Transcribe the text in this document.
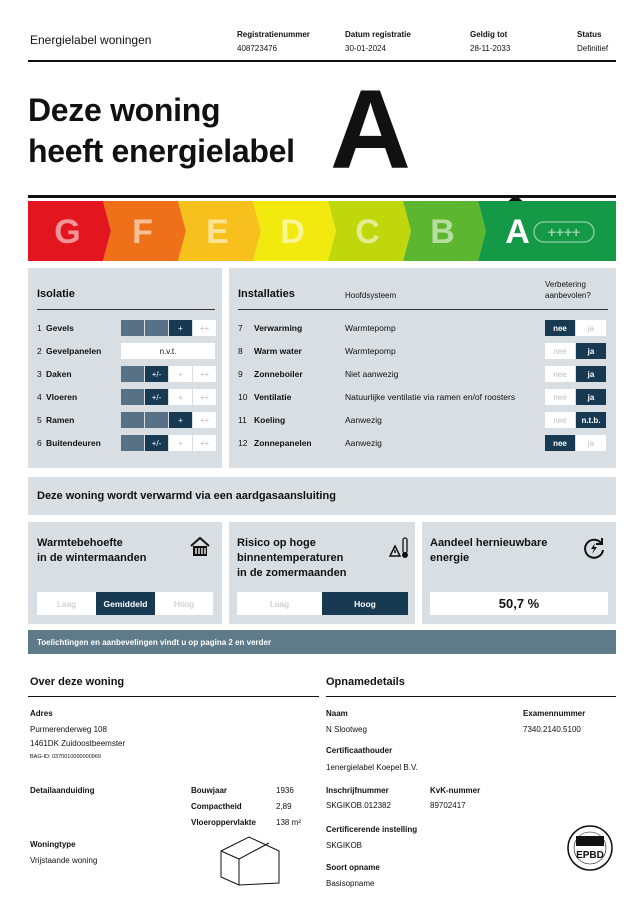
Energielabel woningen	Registratienummer
408723476
Datum registratie
30-01-2024
Geldig tot
28-11-2033
Status
Definitief
Deze woning
heeft energielabel A
G F E D C B A ++++
Isolatie
1 Gevels	+	++
2 Gevelpanelen	n.v.t.
3 Daken	+/-	+	++
4 Vloeren	+/-	+	++
5 Ramen	+	++
6 Buitendeuren	+/-	+	++
Installaties	Hoofdsysteem
Verbetering
aanbevolen?
7	Verwarming	Warmtepomp	nee	ja
8	Warm water	Warmtepomp	nee	ja
9	Zonneboiler	Niet aanwezig	nee	ja
10 Ventilatie	Natuurlijke ventilatie via ramen en/of roosters	nee	ja
11 Koeling	Aanwezig	nee	n.t.b.
12 Zonnepanelen	Aanwezig	nee	ja
Deze woning wordt verwarmd via een aardgasaansluiting
Warmtebehoefte
in de wintermaanden
Laag	Gemiddeld	Hoog
Risico op hoge
binnentemperaturen
in de zomermaanden
Laag	Hoog
Aandeel hernieuwbare
energie
50,7 %
Toelichtingen en aanbevelingen vindt u op pagina 2 en verder
Over deze woning
Adres
Purmerenderweg 108
1461DK Zuidoostbeemster
BAG-ID: 0370010000000969
Detailaanduiding	Bouwjaar	1936
Compactheid	2,89
Vloeroppervlakte	138 m²
Woningtype
Vrijstaande woning
Opnamedetails
Naam
N Slootweg
Examennummer
7340.2140.5100
Certificaathouder
1energielabel Koepel B.V.
Inschrijfnummer
SKGIKOB.012382
KvK-nummer
89702417
Certificerende instelling
SKGIKOB
Soort opname
Basisopname
EPBD
